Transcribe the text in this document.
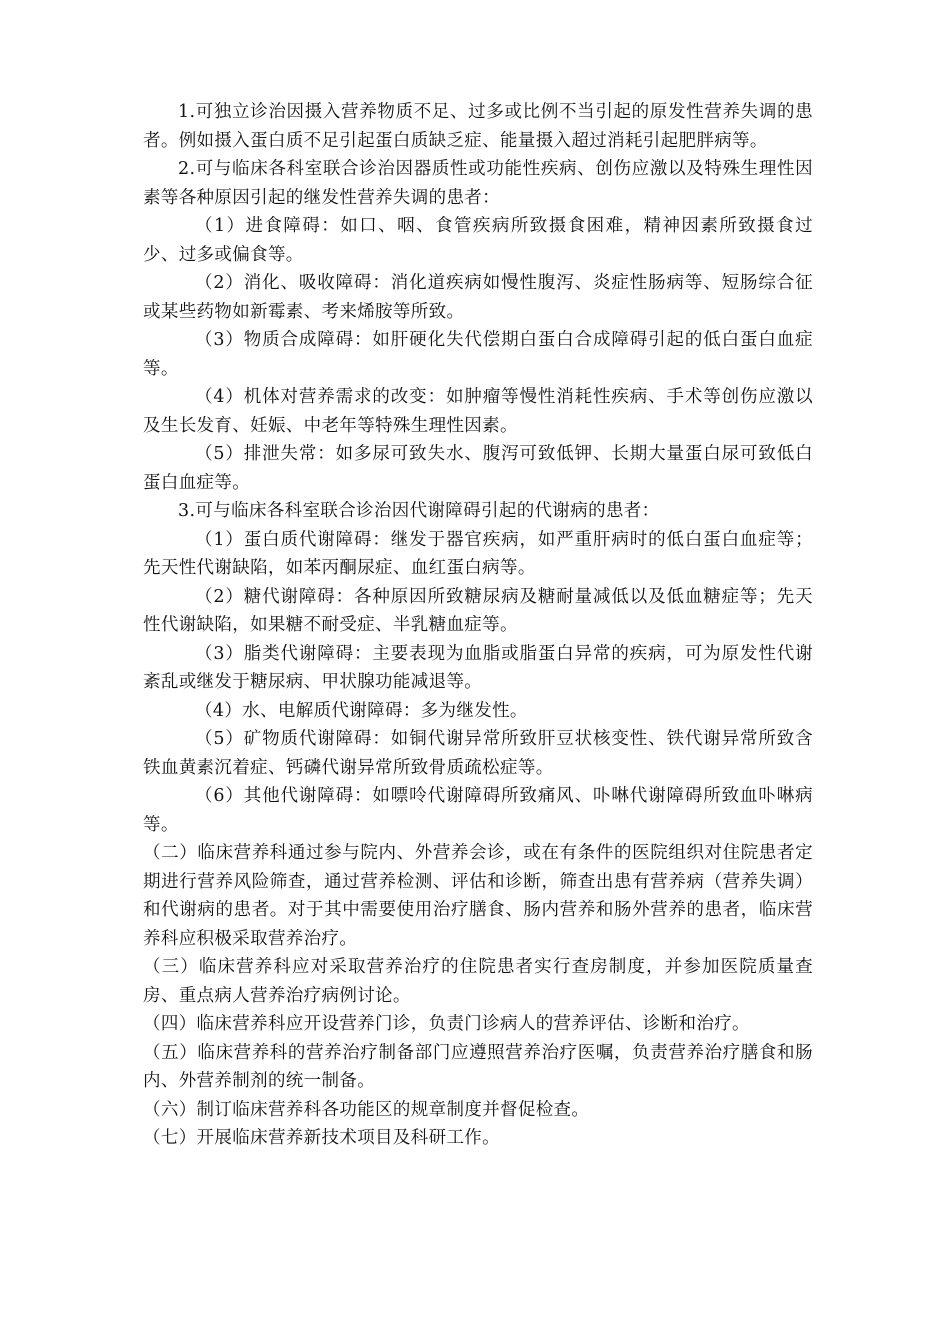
1.可独立诊治因摄入营养物质不足、过多或比例不当引起的原发性营养失调的患者。例如摄入蛋白质不足引起蛋白质缺乏症、能量摄入超过消耗引起肥胖病等。

2.可与临床各科室联合诊治因器质性或功能性疾病、创伤应激以及特殊生理性因素等各种原因引起的继发性营养失调的患者：

（1）进食障碍：如口、咽、食管疾病所致摄食困难，精神因素所致摄食过少、过多或偏食等。

（2）消化、吸收障碍：消化道疾病如慢性腹泻、炎症性肠病等、短肠综合征或某些药物如新霉素、考来烯胺等所致。

（3）物质合成障碍：如肝硬化失代偿期白蛋白合成障碍引起的低白蛋白血症等。

（4）机体对营养需求的改变：如肿瘤等慢性消耗性疾病、手术等创伤应激以及生长发育、妊娠、中老年等特殊生理性因素。

（5）排泄失常：如多尿可致失水、腹泻可致低钾、长期大量蛋白尿可致低白蛋白血症等。

3.可与临床各科室联合诊治因代谢障碍引起的代谢病的患者：

（1）蛋白质代谢障碍：继发于器官疾病，如严重肝病时的低白蛋白血症等；先天性代谢缺陷，如苯丙酮尿症、血红蛋白病等。

（2）糖代谢障碍：各种原因所致糖尿病及糖耐量减低以及低血糖症等；先天性代谢缺陷，如果糖不耐受症、半乳糖血症等。

（3）脂类代谢障碍：主要表现为血脂或脂蛋白异常的疾病，可为原发性代谢紊乱或继发于糖尿病、甲状腺功能减退等。

（4）水、电解质代谢障碍：多为继发性。

（5）矿物质代谢障碍：如铜代谢异常所致肝豆状核变性、铁代谢异常所致含铁血黄素沉着症、钙磷代谢异常所致骨质疏松症等。

（6）其他代谢障碍：如嘌呤代谢障碍所致痛风、卟啉代谢障碍所致血卟啉病等。

（二）临床营养科通过参与院内、外营养会诊，或在有条件的医院组织对住院患者定期进行营养风险筛查，通过营养检测、评估和诊断，筛查出患有营养病（营养失调）和代谢病的患者。对于其中需要使用治疗膳食、肠内营养和肠外营养的患者，临床营养科应积极采取营养治疗。

（三）临床营养科应对采取营养治疗的住院患者实行查房制度，并参加医院质量查房、重点病人营养治疗病例讨论。

（四）临床营养科应开设营养门诊，负责门诊病人的营养评估、诊断和治疗。

（五）临床营养科的营养治疗制备部门应遵照营养治疗医嘱，负责营养治疗膳食和肠内、外营养制剂的统一制备。

（六）制订临床营养科各功能区的规章制度并督促检查。

（七）开展临床营养新技术项目及科研工作。
